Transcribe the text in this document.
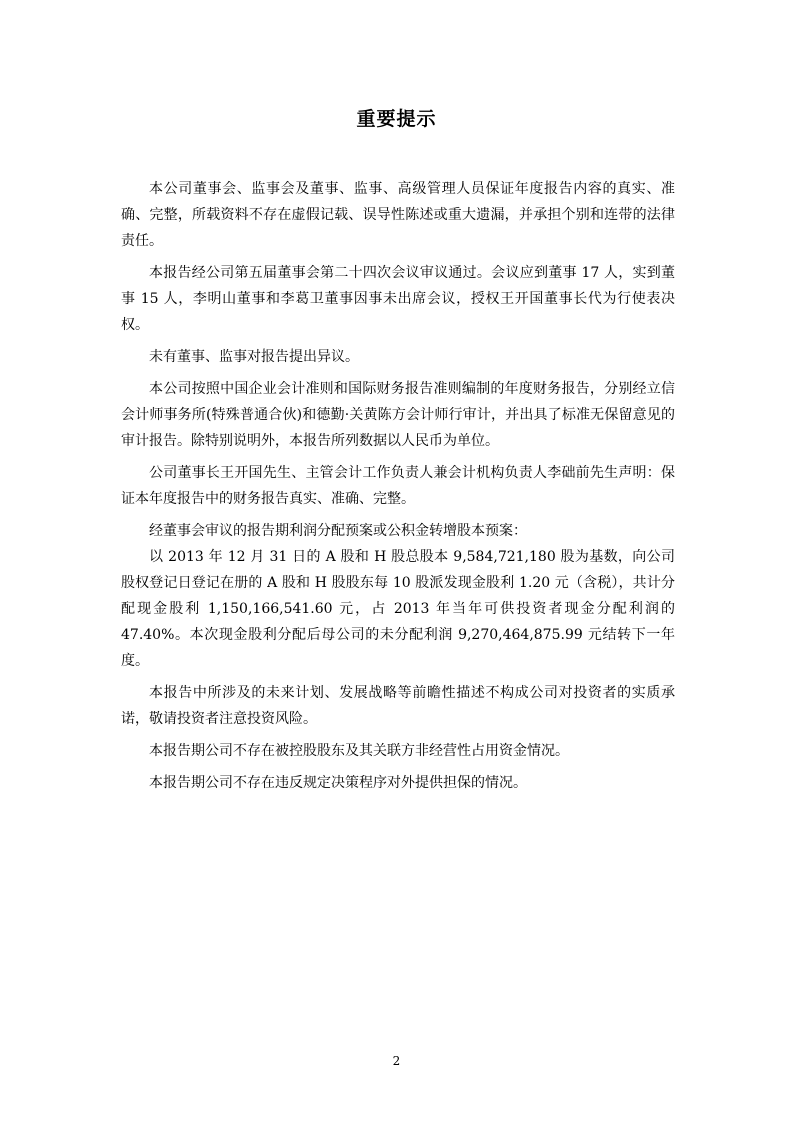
重要提示

本公司董事会、监事会及董事、监事、高级管理人员保证年度报告内容的真实、准确、完整，所载资料不存在虚假记载、误导性陈述或重大遗漏，并承担个别和连带的法律责任。

本报告经公司第五届董事会第二十四次会议审议通过。会议应到董事 17 人，实到董事 15 人，李明山董事和李葛卫董事因事未出席会议，授权王开国董事长代为行使表决权。

未有董事、监事对报告提出异议。

本公司按照中国企业会计准则和国际财务报告准则编制的年度财务报告，分别经立信会计师事务所(特殊普通合伙)和德勤·关黄陈方会计师行审计，并出具了标准无保留意见的审计报告。除特别说明外，本报告所列数据以人民币为单位。

公司董事长王开国先生、主管会计工作负责人兼会计机构负责人李础前先生声明：保证本年度报告中的财务报告真实、准确、完整。

经董事会审议的报告期利润分配预案或公积金转增股本预案：

以 2013 年 12 月 31 日的 A 股和 H 股总股本 9,584,721,180 股为基数，向公司股权登记日登记在册的 A 股和 H 股股东每 10 股派发现金股利 1.20 元（含税），共计分配现金股利 1,150,166,541.60 元，占 2013 年当年可供投资者现金分配利润的 47.40%。本次现金股利分配后母公司的未分配利润 9,270,464,875.99 元结转下一年度。

本报告中所涉及的未来计划、发展战略等前瞻性描述不构成公司对投资者的实质承诺，敬请投资者注意投资风险。

本报告期公司不存在被控股股东及其关联方非经营性占用资金情况。

本报告期公司不存在违反规定决策程序对外提供担保的情况。

2
